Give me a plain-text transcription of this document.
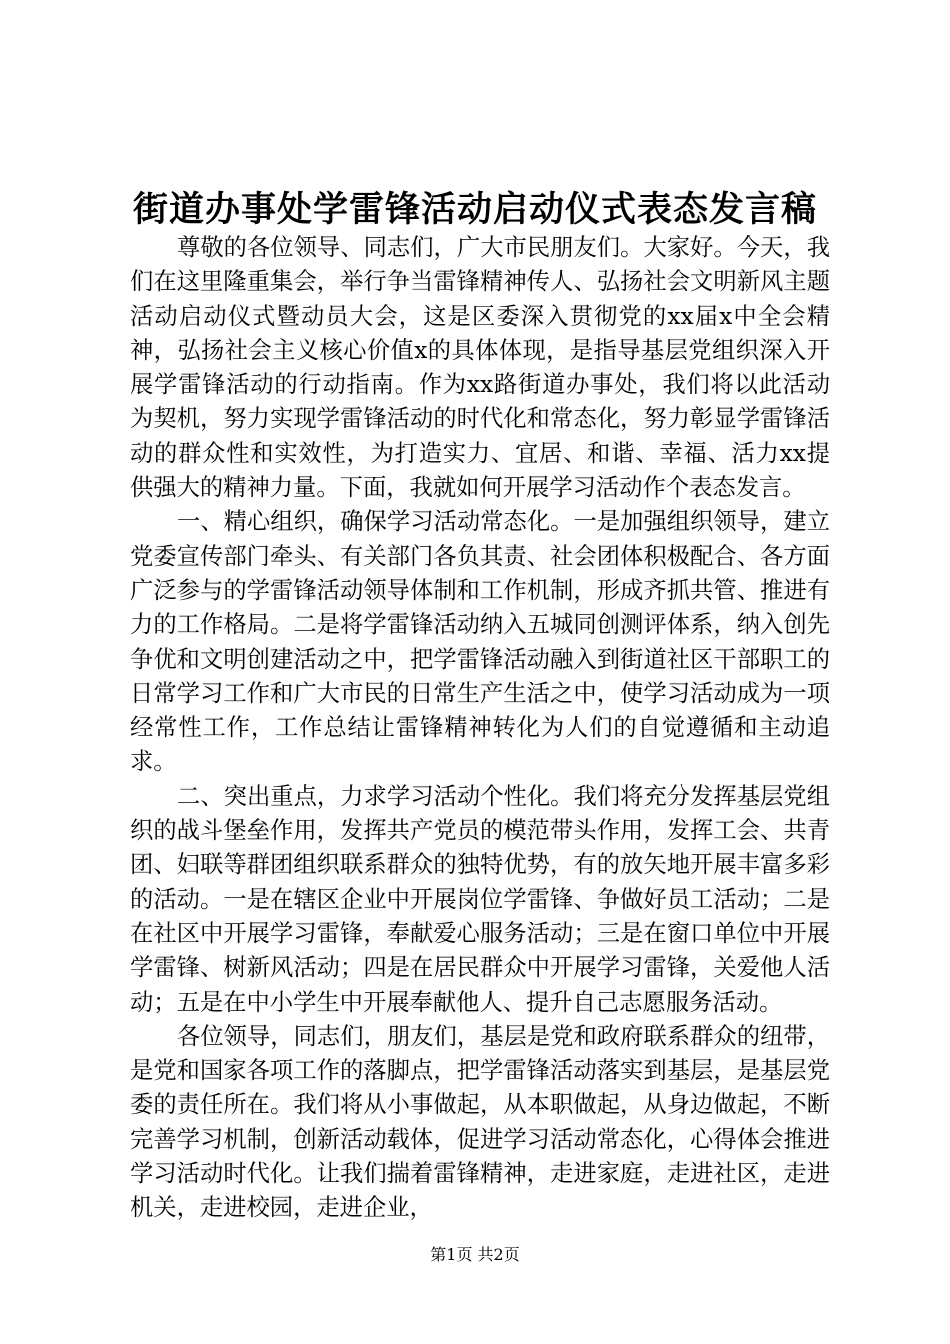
街道办事处学雷锋活动启动仪式表态发言稿

尊敬的各位领导、同志们，广大市民朋友们。大家好。今天，我们在这里隆重集会，举行争当雷锋精神传人、弘扬社会文明新风主题活动启动仪式暨动员大会，这是区委深入贯彻党的xx届x中全会精神，弘扬社会主义核心价值x的具体体现，是指导基层党组织深入开展学雷锋活动的行动指南。作为xx路街道办事处，我们将以此活动为契机，努力实现学雷锋活动的时代化和常态化，努力彰显学雷锋活动的群众性和实效性，为打造实力、宜居、和谐、幸福、活力xx提供强大的精神力量。下面，我就如何开展学习活动作个表态发言。

一、精心组织，确保学习活动常态化。一是加强组织领导，建立党委宣传部门牵头、有关部门各负其责、社会团体积极配合、各方面广泛参与的学雷锋活动领导体制和工作机制，形成齐抓共管、推进有力的工作格局。二是将学雷锋活动纳入五城同创测评体系，纳入创先争优和文明创建活动之中，把学雷锋活动融入到街道社区干部职工的日常学习工作和广大市民的日常生产生活之中，使学习活动成为一项经常性工作，工作总结让雷锋精神转化为人们的自觉遵循和主动追求。

二、突出重点，力求学习活动个性化。我们将充分发挥基层党组织的战斗堡垒作用，发挥共产党员的模范带头作用，发挥工会、共青团、妇联等群团组织联系群众的独特优势，有的放矢地开展丰富多彩的活动。一是在辖区企业中开展岗位学雷锋、争做好员工活动；二是在社区中开展学习雷锋，奉献爱心服务活动；三是在窗口单位中开展学雷锋、树新风活动；四是在居民群众中开展学习雷锋，关爱他人活动；五是在中小学生中开展奉献他人、提升自己志愿服务活动。

各位领导，同志们，朋友们，基层是党和政府联系群众的纽带，是党和国家各项工作的落脚点，把学雷锋活动落实到基层，是基层党委的责任所在。我们将从小事做起，从本职做起，从身边做起，不断完善学习机制，创新活动载体，促进学习活动常态化，心得体会推进学习活动时代化。让我们揣着雷锋精神，走进家庭，走进社区，走进机关，走进校园，走进企业，

第1页 共2页
